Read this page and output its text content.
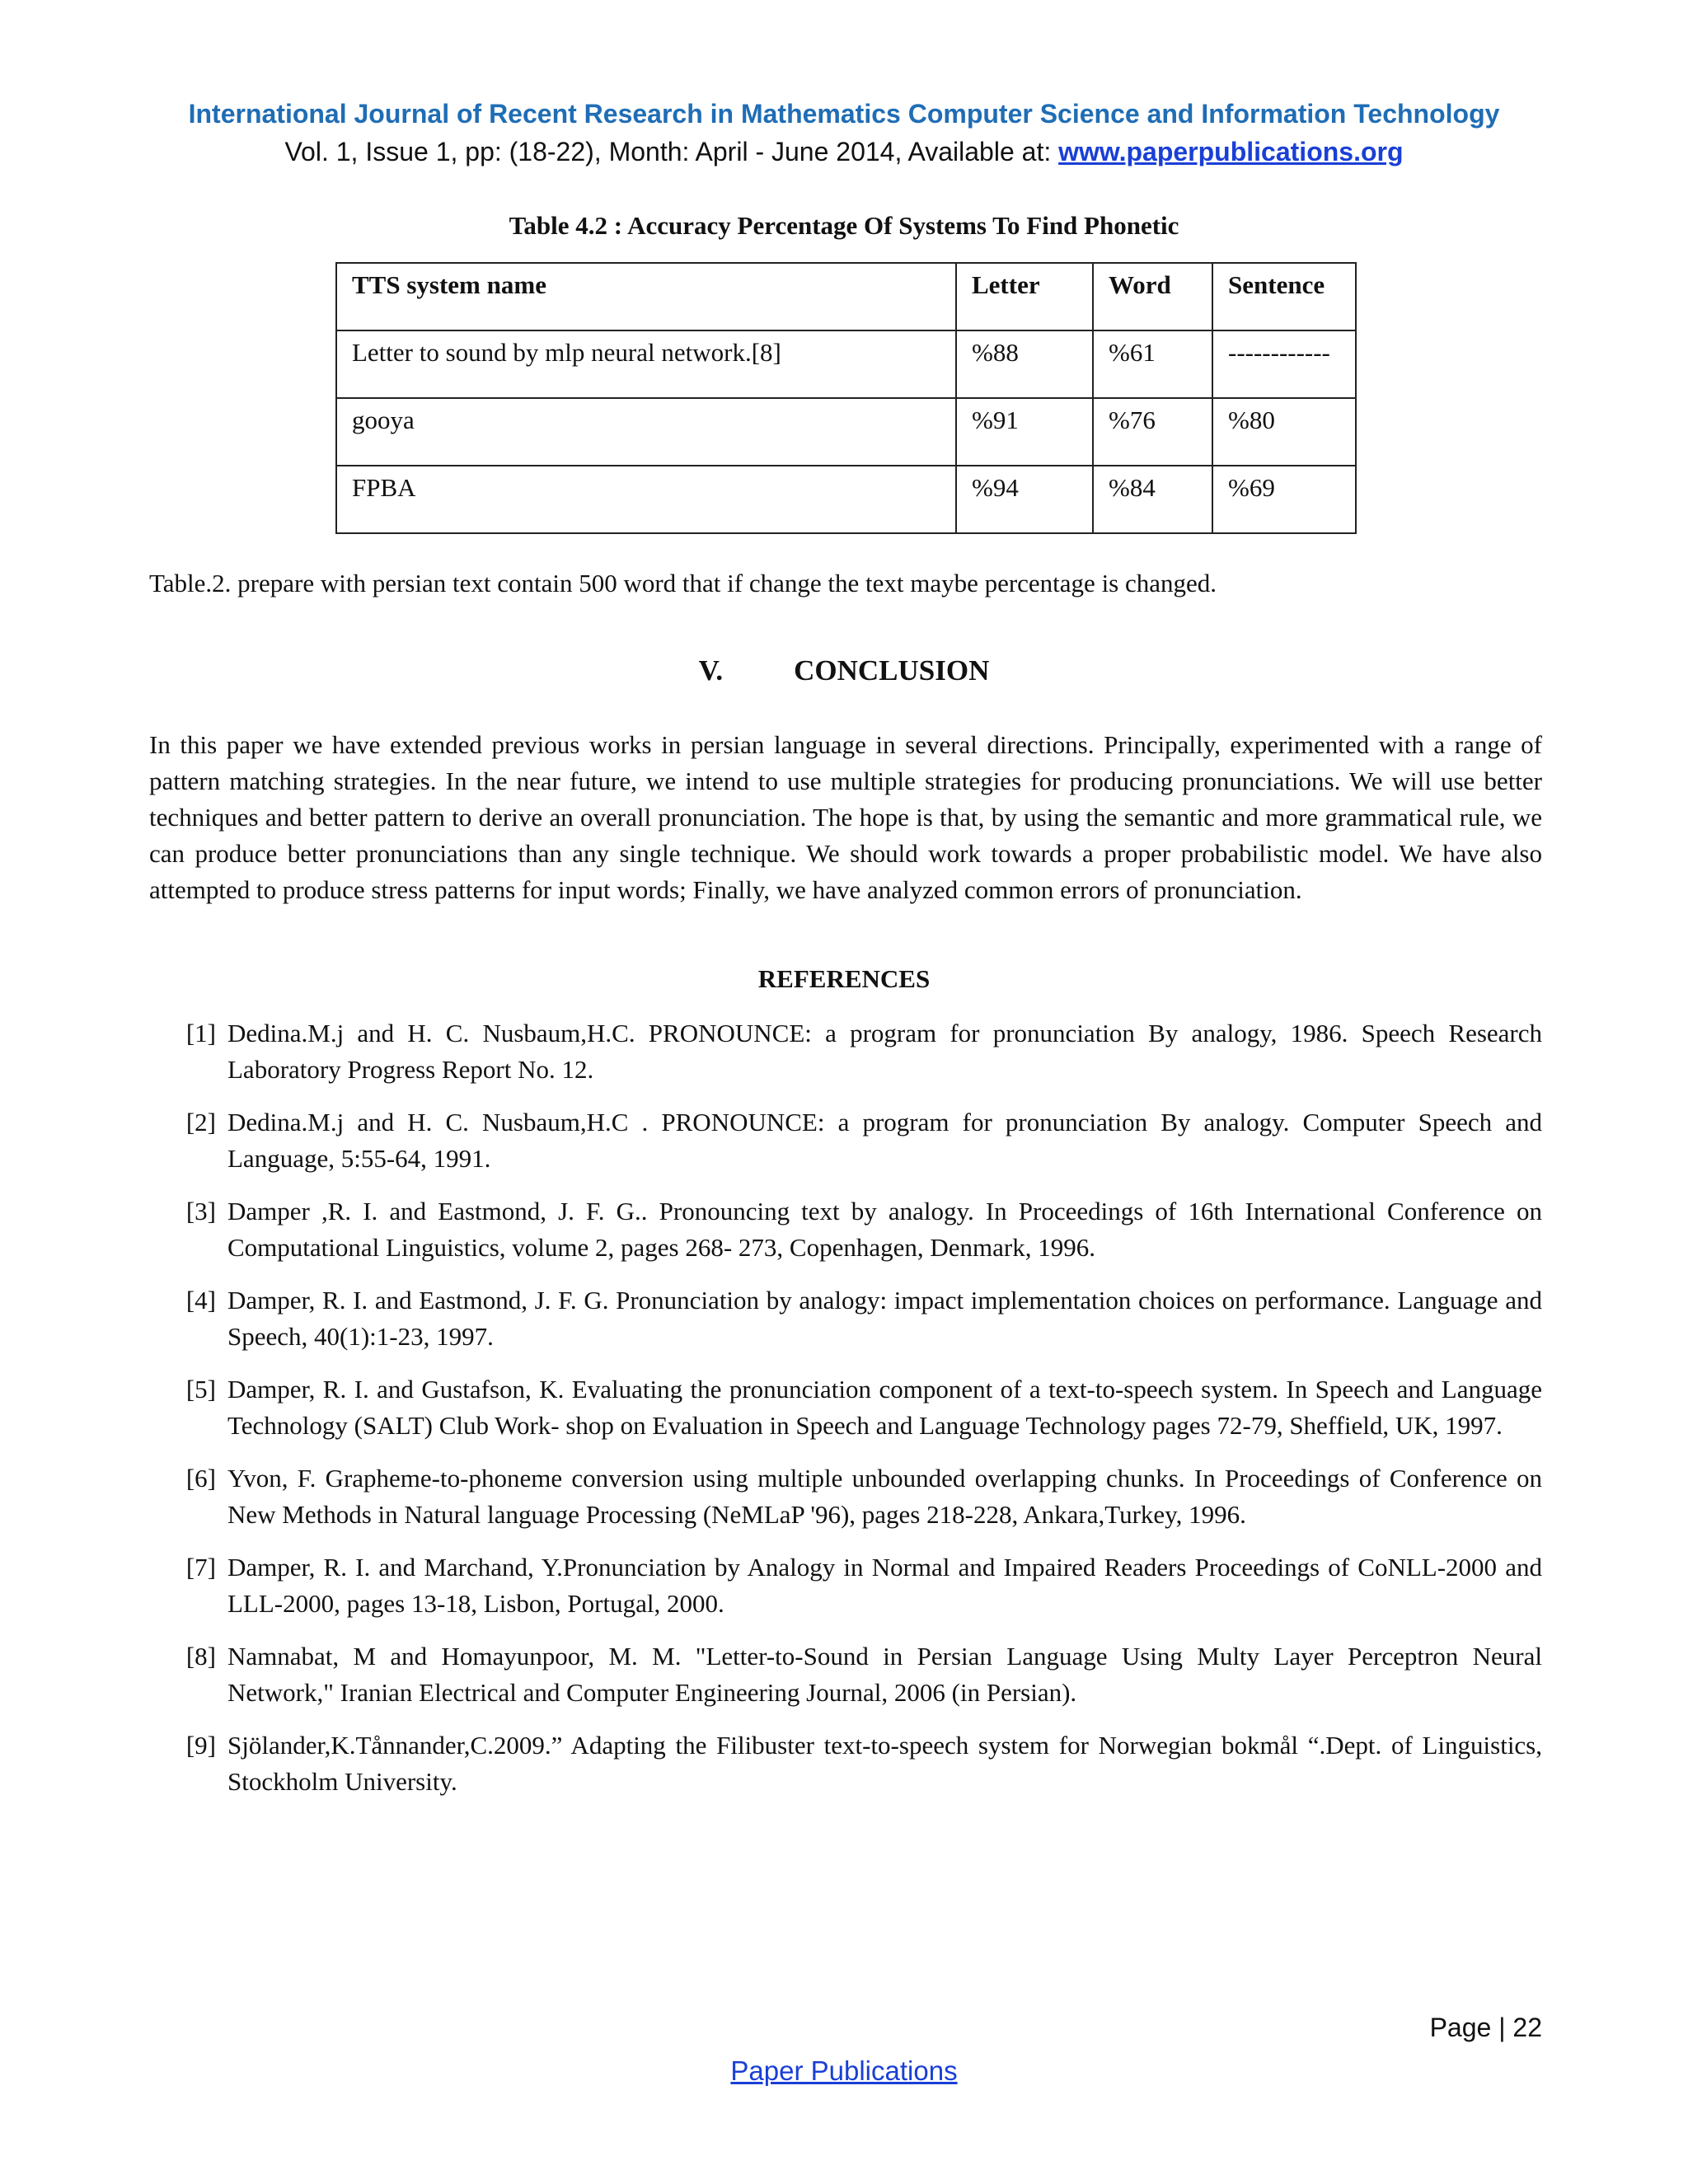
International Journal of Recent Research in Mathematics Computer Science and Information Technology
Vol. 1, Issue 1, pp: (18-22), Month: April - June 2014, Available at: www.paperpublications.org
Table 4.2 : Accuracy Percentage Of Systems To Find Phonetic
TTS system name	Letter	Word	Sentence
Letter to sound by mlp neural network.[8]	%88	%61	------------
gooya	%91	%76	%80
FPBA	%94	%84	%69
Table.2. prepare with persian text contain 500 word that if change the text maybe percentage is changed.
V. CONCLUSION

In this paper we have extended previous works in persian language in several directions. Principally, experimented with a range of pattern matching strategies. In the near future, we intend to use multiple strategies for producing pronunciations. We will use better techniques and better pattern to derive an overall pronunciation. The hope is that, by using the semantic and more grammatical rule, we can produce better pronunciations than any single technique. We should work towards a proper probabilistic model. We have also attempted to produce stress patterns for input words; Finally, we have analyzed common errors of pronunciation.

REFERENCES
[1] Dedina.M.j and H. C. Nusbaum,H.C. PRONOUNCE: a program for pronunciation By analogy, 1986. Speech Research Laboratory Progress Report No. 12.
[2] Dedina.M.j and H. C. Nusbaum,H.C . PRONOUNCE: a program for pronunciation By analogy. Computer Speech and Language, 5:55-64, 1991.
[3] Damper ,R. I. and Eastmond, J. F. G.. Pronouncing text by analogy. In Proceedings of 16th International Conference on Computational Linguistics, volume 2, pages 268- 273, Copenhagen, Denmark, 1996.
[4] Damper, R. I. and Eastmond, J. F. G. Pronunciation by analogy: impact implementation choices on performance. Language and Speech, 40(1):1-23, 1997.
[5] Damper, R. I. and Gustafson, K. Evaluating the pronunciation component of a text-to-speech system. In Speech and Language Technology (SALT) Club Work- shop on Evaluation in Speech and Language Technology pages 72-79, Sheffield, UK, 1997.
[6] Yvon, F. Grapheme-to-phoneme conversion using multiple unbounded overlapping chunks. In Proceedings of Conference on New Methods in Natural language Processing (NeMLaP '96), pages 218-228, Ankara,Turkey, 1996.
[7] Damper, R. I. and Marchand, Y.Pronunciation by Analogy in Normal and Impaired Readers Proceedings of CoNLL-2000 and LLL-2000, pages 13-18, Lisbon, Portugal, 2000.
[8] Namnabat, M and Homayunpoor, M. M. "Letter-to-Sound in Persian Language Using Multy Layer Perceptron Neural Network," Iranian Electrical and Computer Engineering Journal, 2006 (in Persian).
[9] Sjölander,K.Tånnander,C.2009.” Adapting the Filibuster text-to-speech system for Norwegian bokmål “.Dept. of Linguistics, Stockholm University.
Page | 22
Paper Publications
